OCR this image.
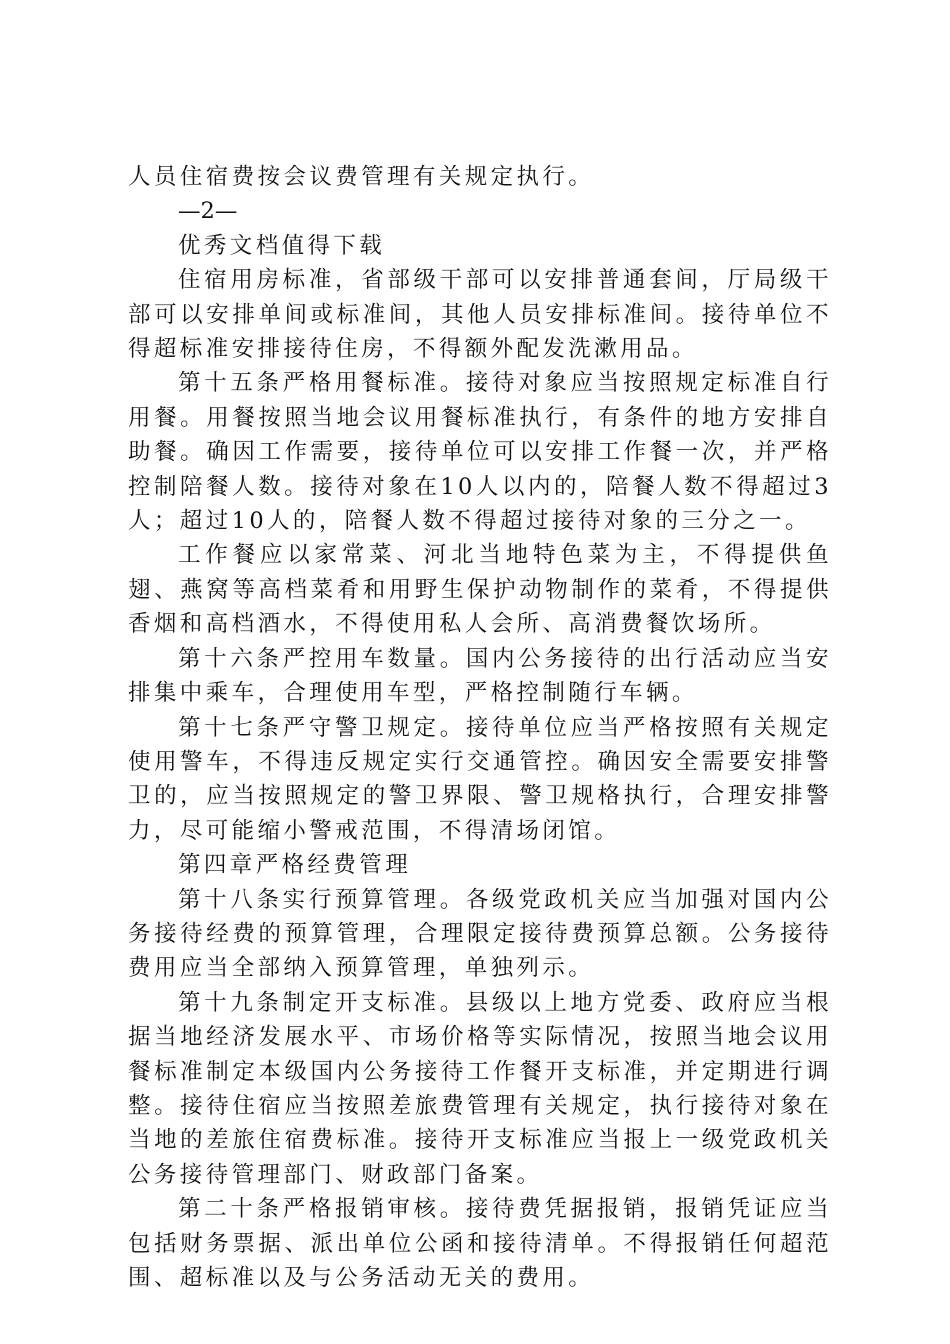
人员住宿费按会议费管理有关规定执行。

—2—

优秀文档值得下载

住宿用房标准，省部级干部可以安排普通套间，厅局级干部可以安排单间或标准间，其他人员安排标准间。接待单位不得超标准安排接待住房，不得额外配发洗漱用品。

第十五条严格用餐标准。接待对象应当按照规定标准自行用餐。用餐按照当地会议用餐标准执行，有条件的地方安排自助餐。确因工作需要，接待单位可以安排工作餐一次，并严格控制陪餐人数。接待对象在10人以内的，陪餐人数不得超过3人；超过10人的，陪餐人数不得超过接待对象的三分之一。

工作餐应以家常菜、河北当地特色菜为主，不得提供鱼翅、燕窝等高档菜肴和用野生保护动物制作的菜肴，不得提供香烟和高档酒水，不得使用私人会所、高消费餐饮场所。

第十六条严控用车数量。国内公务接待的出行活动应当安排集中乘车，合理使用车型，严格控制随行车辆。

第十七条严守警卫规定。接待单位应当严格按照有关规定使用警车，不得违反规定实行交通管控。确因安全需要安排警卫的，应当按照规定的警卫界限、警卫规格执行，合理安排警力，尽可能缩小警戒范围，不得清场闭馆。

第四章严格经费管理

第十八条实行预算管理。各级党政机关应当加强对国内公务接待经费的预算管理，合理限定接待费预算总额。公务接待费用应当全部纳入预算管理，单独列示。

第十九条制定开支标准。县级以上地方党委、政府应当根据当地经济发展水平、市场价格等实际情况，按照当地会议用餐标准制定本级国内公务接待工作餐开支标准，并定期进行调整。接待住宿应当按照差旅费管理有关规定，执行接待对象在当地的差旅住宿费标准。接待开支标准应当报上一级党政机关公务接待管理部门、财政部门备案。

第二十条严格报销审核。接待费凭据报销，报销凭证应当包括财务票据、派出单位公函和接待清单。不得报销任何超范围、超标准以及与公务活动无关的费用。
